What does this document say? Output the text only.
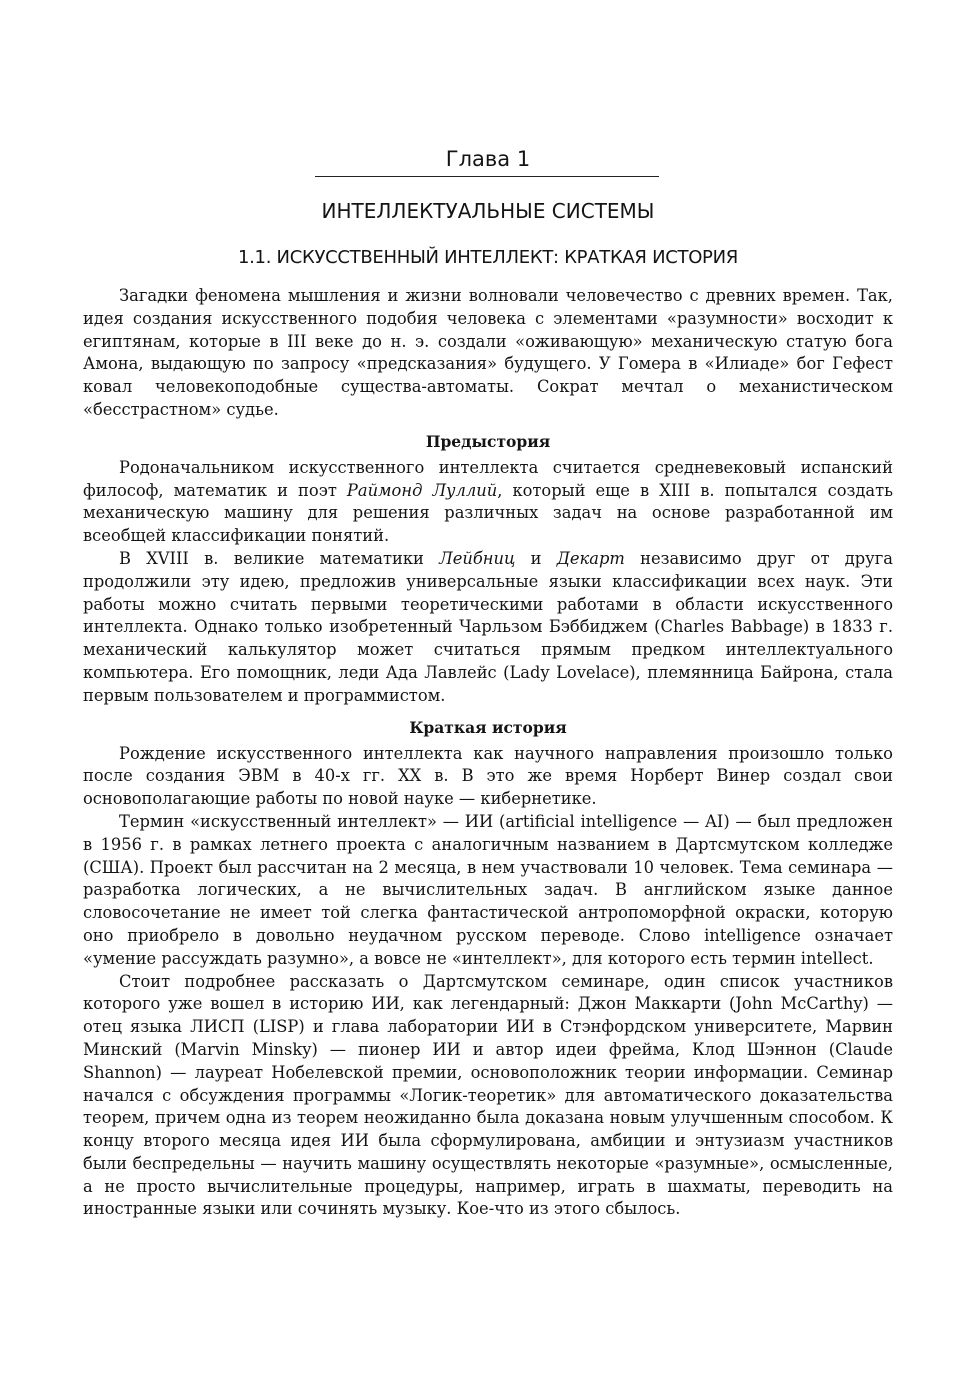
Глава 1
ИНТЕЛЛЕКТУАЛЬНЫЕ СИСТЕМЫ
1.1. ИСКУССТВЕННЫЙ ИНТЕЛЛЕКТ: КРАТКАЯ ИСТОРИЯ

Загадки феномена мышления и жизни волновали человечество с древних времен. Так, идея создания искусственного подобия человека с элементами «разумности» восходит к египтянам, которые в III веке до н. э. создали «оживающую» механическую статую бога Амона, выдающую по запросу «предсказания» будущего. У Гомера в «Илиаде» бог Гефест ковал человекоподобные существа-автоматы. Сократ мечтал о механистическом «бесстрастном» судье.

Предыстория

Родоначальником искусственного интеллекта считается средневековый испанский философ, математик и поэт Раймонд Луллий, который еще в XIII в. попытался создать механическую машину для решения различных задач на основе разработанной им всеобщей классификации понятий.

В XVIII в. великие математики Лейбниц и Декарт независимо друг от друга продолжили эту идею, предложив универсальные языки классификации всех наук. Эти работы можно считать первыми теоретическими работами в области искусственного интеллекта. Однако только изобретенный Чарльзом Бэббиджем (Charles Babbage) в 1833 г. механический калькулятор может считаться прямым предком интеллектуального компьютера. Его помощник, леди Ада Лавлейс (Lady Lovelace), племянница Байрона, стала первым пользователем и программистом.

Краткая история

Рождение искусственного интеллекта как научного направления произошло только после создания ЭВМ в 40-х гг. XX в. В это же время Норберт Винер создал свои основополагающие работы по новой науке — кибернетике.

Термин «искусственный интеллект» — ИИ (artificial intelligence — AI) — был предложен в 1956 г. в рамках летнего проекта с аналогичным названием в Дартсмутском колледже (США). Проект был рассчитан на 2 месяца, в нем участвовали 10 человек. Тема семинара — разработка логических, а не вычислительных задач. В английском языке данное словосочетание не имеет той слегка фантастической антропоморфной окраски, которую оно приобрело в довольно неудачном русском переводе. Слово intelligence означает «умение рассуждать разумно», а вовсе не «интеллект», для которого есть термин intellect.

Стоит подробнее рассказать о Дартсмутском семинаре, один список участников которого уже вошел в историю ИИ, как легендарный: Джон Маккарти (John McCarthy) — отец языка ЛИСП (LISP) и глава лаборатории ИИ в Стэнфордском университете, Марвин Минский (Marvin Minsky) — пионер ИИ и автор идеи фрейма, Клод Шэннон (Claude Shannon) — лауреат Нобелевской премии, основоположник теории информации. Семинар начался с обсуждения программы «Логик-теоретик» для автоматического доказательства теорем, причем одна из теорем неожиданно была доказана новым улучшенным способом. К концу второго месяца идея ИИ была сформулирована, амбиции и энтузиазм участников были беспредельны — научить машину осуществлять некоторые «разумные», осмысленные, а не просто вычислительные процедуры, например, играть в шахматы, переводить на иностранные языки или сочинять музыку. Кое-что из этого сбылось.
